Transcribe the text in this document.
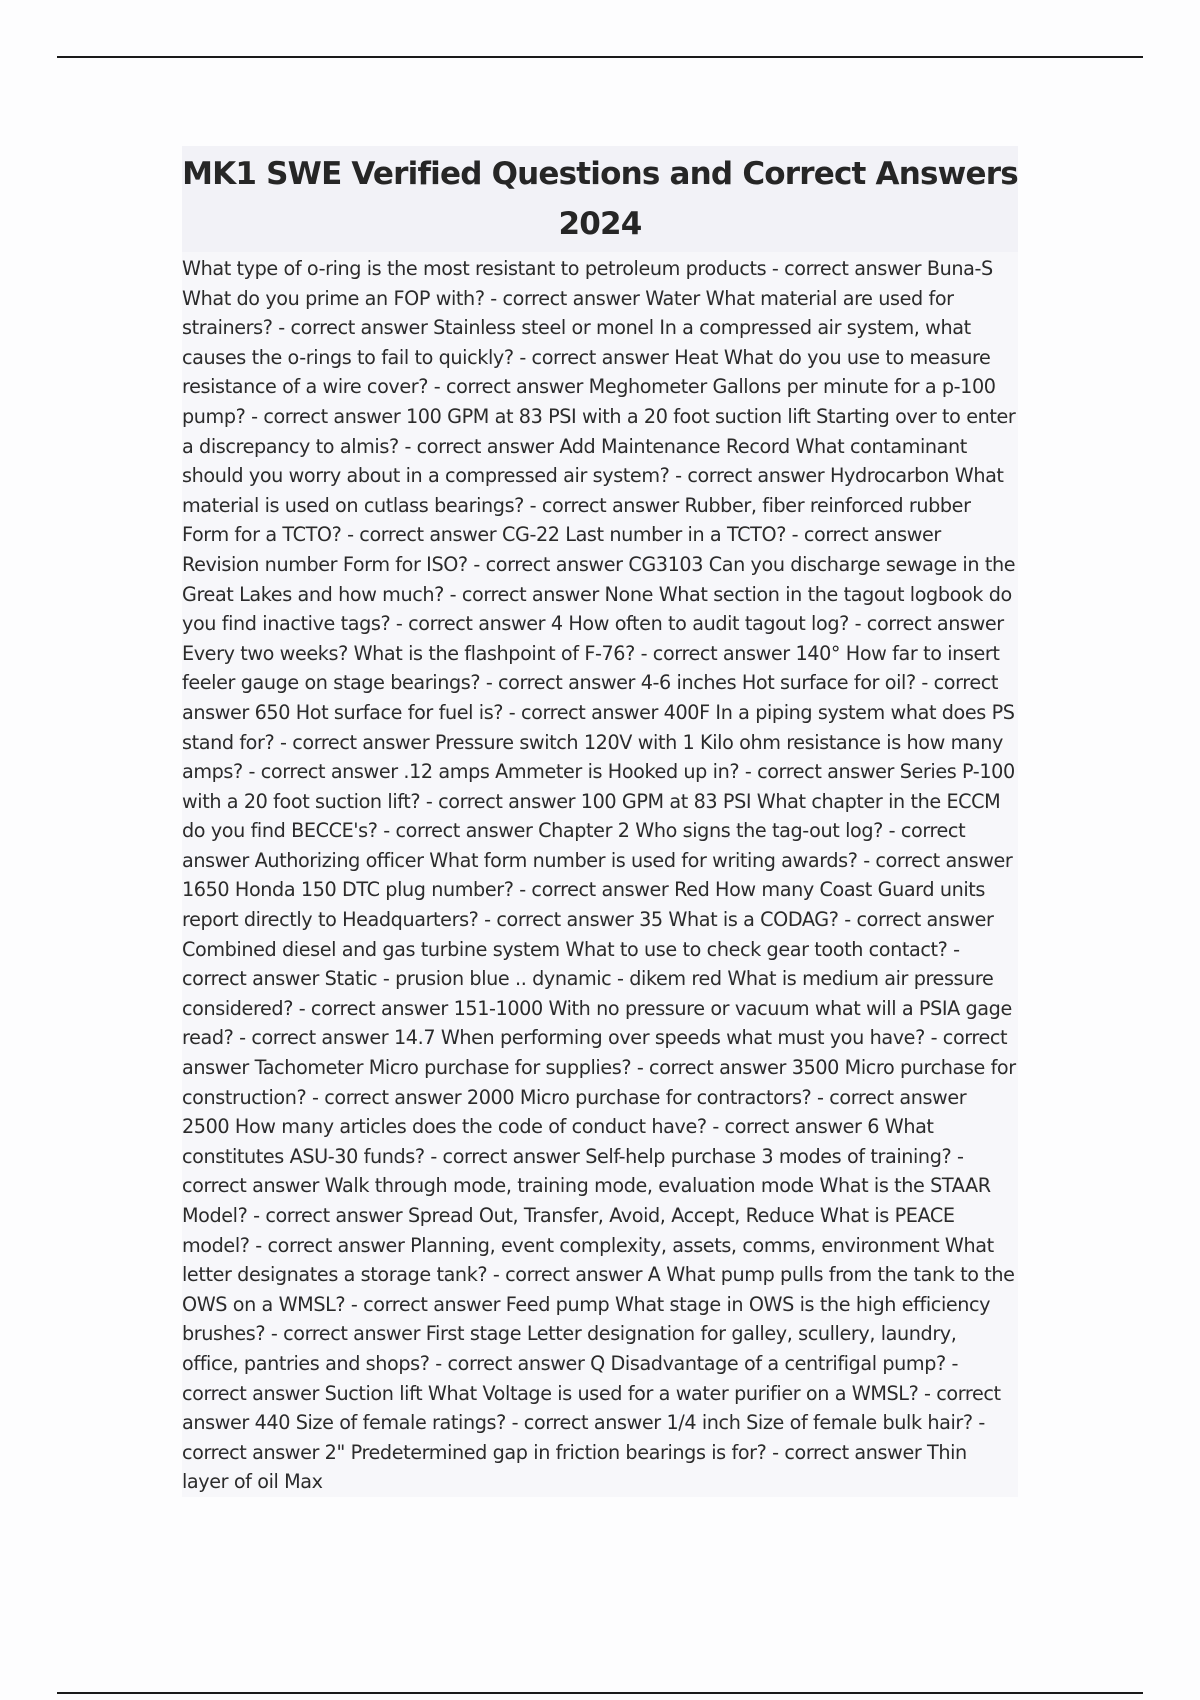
MK1 SWE Verified Questions and Correct Answers 2024

What type of o-ring is the most resistant to petroleum products - correct answer Buna-S What do you prime an FOP with? - correct answer Water What material are used for strainers? - correct answer Stainless steel or monel In a compressed air system, what causes the o-rings to fail to quickly? - correct answer Heat What do you use to measure resistance of a wire cover? - correct answer Meghometer Gallons per minute for a p-100 pump? - correct answer 100 GPM at 83 PSI with a 20 foot suction lift Starting over to enter a discrepancy to almis? - correct answer Add Maintenance Record What contaminant should you worry about in a compressed air system? - correct answer Hydrocarbon What material is used on cutlass bearings? - correct answer Rubber, fiber reinforced rubber Form for a TCTO? - correct answer CG-22 Last number in a TCTO? - correct answer Revision number Form for ISO? - correct answer CG3103 Can you discharge sewage in the Great Lakes and how much? - correct answer None What section in the tagout logbook do you find inactive tags? - correct answer 4 How often to audit tagout log? - correct answer Every two weeks? What is the flashpoint of F-76? - correct answer 140° How far to insert feeler gauge on stage bearings? - correct answer 4-6 inches Hot surface for oil? - correct answer 650 Hot surface for fuel is? - correct answer 400F In a piping system what does PS stand for? - correct answer Pressure switch 120V with 1 Kilo ohm resistance is how many amps? - correct answer .12 amps Ammeter is Hooked up in? - correct answer Series P-100 with a 20 foot suction lift? - correct answer 100 GPM at 83 PSI What chapter in the ECCM do you find BECCE's? - correct answer Chapter 2 Who signs the tag-out log? - correct answer Authorizing officer What form number is used for writing awards? - correct answer 1650 Honda 150 DTC plug number? - correct answer Red How many Coast Guard units report directly to Headquarters? - correct answer 35 What is a CODAG? - correct answer Combined diesel and gas turbine system What to use to check gear tooth contact? - correct answer Static - prusion blue .. dynamic - dikem red What is medium air pressure considered? - correct answer 151-1000 With no pressure or vacuum what will a PSIA gage read? - correct answer 14.7 When performing over speeds what must you have? - correct answer Tachometer Micro purchase for supplies? - correct answer 3500 Micro purchase for construction? - correct answer 2000 Micro purchase for contractors? - correct answer 2500 How many articles does the code of conduct have? - correct answer 6 What constitutes ASU-30 funds? - correct answer Self-help purchase 3 modes of training? - correct answer Walk through mode, training mode, evaluation mode What is the STAAR Model? - correct answer Spread Out, Transfer, Avoid, Accept, Reduce What is PEACE model? - correct answer Planning, event complexity, assets, comms, environment What letter designates a storage tank? - correct answer A What pump pulls from the tank to the OWS on a WMSL? - correct answer Feed pump What stage in OWS is the high efficiency brushes? - correct answer First stage Letter designation for galley, scullery, laundry, office, pantries and shops? - correct answer Q Disadvantage of a centrifigal pump? - correct answer Suction lift What Voltage is used for a water purifier on a WMSL? - correct answer 440 Size of female ratings? - correct answer 1/4 inch Size of female bulk hair? - correct answer 2" Predetermined gap in friction bearings is for? - correct answer Thin layer of oil Max
